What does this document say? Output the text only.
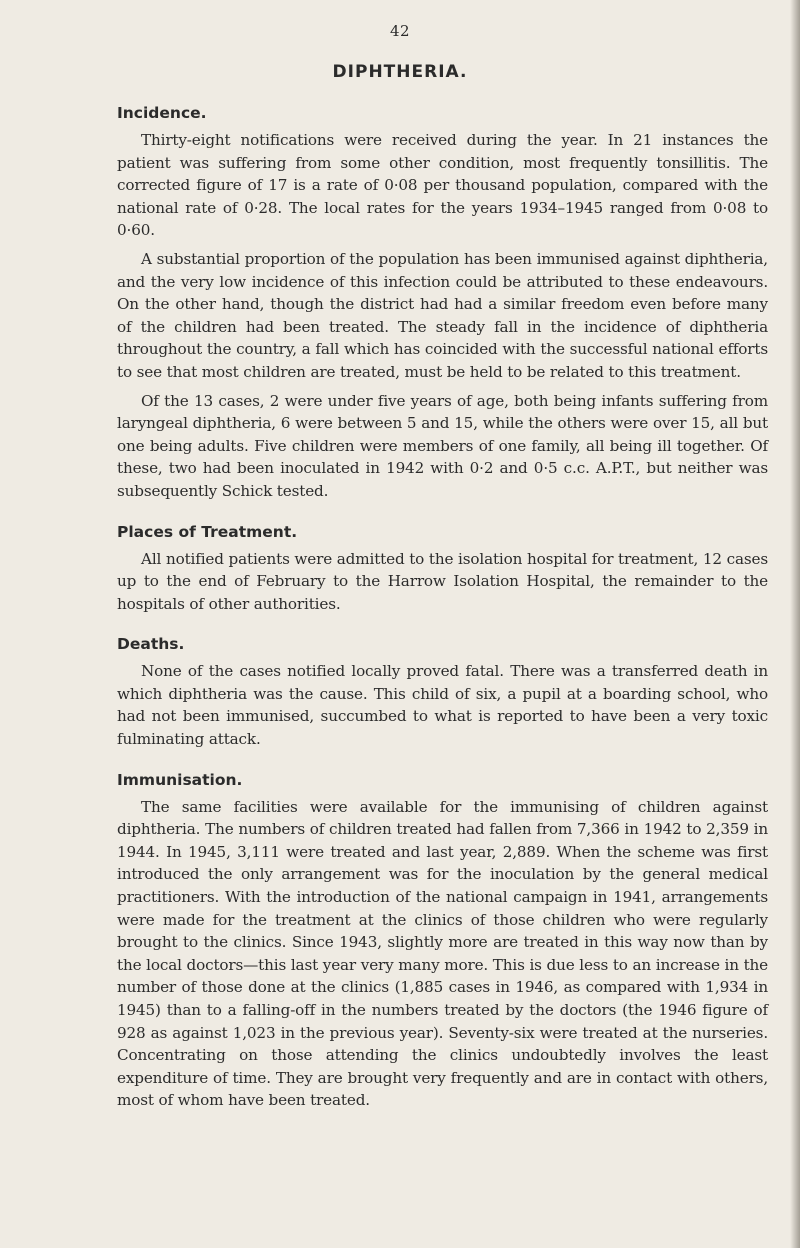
42
DIPHTHERIA.
Incidence.

Thirty-eight notifications were received during the year. In 21 instances the patient was suffering from some other condition, most frequently tonsillitis. The corrected figure of 17 is a rate of 0·08 per thousand population, compared with the national rate of 0·28. The local rates for the years 1934–1945 ranged from 0·08 to 0·60.

A substantial proportion of the population has been immunised against diphtheria, and the very low incidence of this infection could be attributed to these endeavours. On the other hand, though the district had had a similar freedom even before many of the children had been treated. The steady fall in the incidence of diphtheria throughout the country, a fall which has coincided with the successful national efforts to see that most children are treated, must be held to be related to this treatment.

Of the 13 cases, 2 were under five years of age, both being infants suffering from laryngeal diphtheria, 6 were between 5 and 15, while the others were over 15, all but one being adults. Five children were members of one family, all being ill together. Of these, two had been inoculated in 1942 with 0·2 and 0·5 c.c. A.P.T., but neither was subsequently Schick tested.

Places of Treatment.

All notified patients were admitted to the isolation hospital for treatment, 12 cases up to the end of February to the Harrow Isolation Hospital, the remainder to the hospitals of other authorities.

Deaths.

None of the cases notified locally proved fatal. There was a transferred death in which diphtheria was the cause. This child of six, a pupil at a boarding school, who had not been immunised, succumbed to what is reported to have been a very toxic fulminating attack.

Immunisation.

The same facilities were available for the immunising of children against diphtheria. The numbers of children treated had fallen from 7,366 in 1942 to 2,359 in 1944. In 1945, 3,111 were treated and last year, 2,889. When the scheme was first introduced the only arrangement was for the inoculation by the general medical practitioners. With the introduction of the national campaign in 1941, arrangements were made for the treatment at the clinics of those children who were regularly brought to the clinics. Since 1943, slightly more are treated in this way now than by the local doctors—this last year very many more. This is due less to an increase in the number of those done at the clinics (1,885 cases in 1946, as compared with 1,934 in 1945) than to a falling-off in the numbers treated by the doctors (the 1946 figure of 928 as against 1,023 in the previous year). Seventy-six were treated at the nurseries. Concentrating on those attending the clinics undoubtedly involves the least expenditure of time. They are brought very frequently and are in contact with others, most of whom have been treated.
